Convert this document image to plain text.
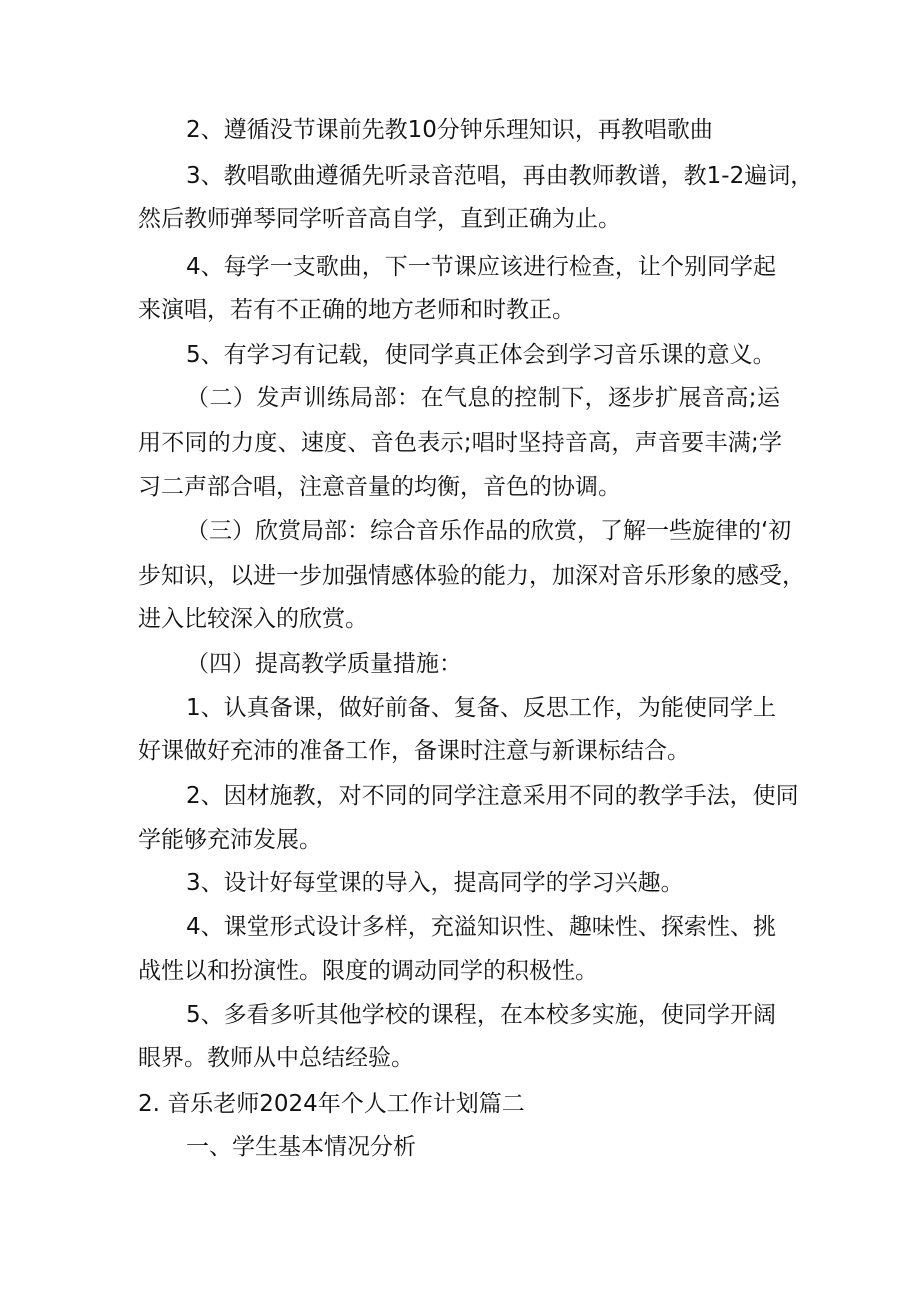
2、遵循没节课前先教10分钟乐理知识，再教唱歌曲
3、教唱歌曲遵循先听录音范唱，再由教师教谱，教1-2遍词，
然后教师弹琴同学听音高自学，直到正确为止。
4、每学一支歌曲，下一节课应该进行检查，让个别同学起
来演唱，若有不正确的地方老师和时教正。
5、有学习有记载，使同学真正体会到学习音乐课的意义。
（二）发声训练局部：在气息的控制下，逐步扩展音高;运
用不同的力度、速度、音色表示;唱时坚持音高，声音要丰满;学
习二声部合唱，注意音量的均衡，音色的协调。
（三）欣赏局部：综合音乐作品的欣赏，了解一些旋律的‘初
步知识，以进一步加强情感体验的能力，加深对音乐形象的感受，
进入比较深入的欣赏。
（四）提高教学质量措施：
1、认真备课，做好前备、复备、反思工作，为能使同学上
好课做好充沛的准备工作，备课时注意与新课标结合。
2、因材施教，对不同的同学注意采用不同的教学手法，使同
学能够充沛发展。
3、设计好每堂课的导入，提高同学的学习兴趣。
4、课堂形式设计多样，充溢知识性、趣味性、探索性、挑
战性以和扮演性。限度的调动同学的积极性。
5、多看多听其他学校的课程，在本校多实施，使同学开阔
眼界。教师从中总结经验。
2. 音乐老师2024年个人工作计划篇二
一、学生基本情况分析
